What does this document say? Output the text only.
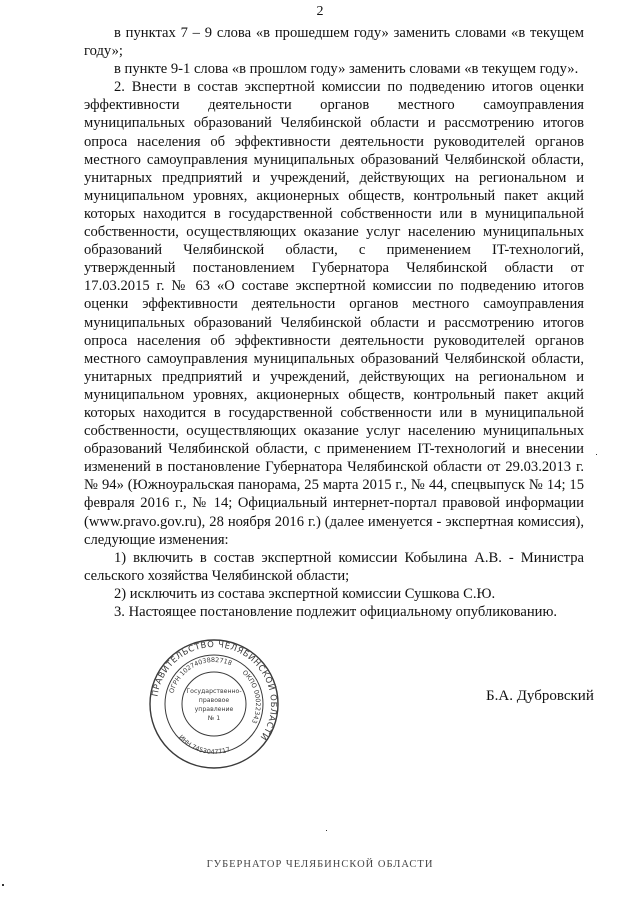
2

в пунктах 7 – 9 слова «в прошедшем году» заменить словами «в текущем году»;

в пункте 9-1 слова «в прошлом году» заменить словами «в текущем году».

2. Внести в состав экспертной комиссии по подведению итогов оценки эффективности деятельности органов местного самоуправления муниципальных образований Челябинской области и рассмотрению итогов опроса населения об эффективности деятельности руководителей органов местного самоуправления муниципальных образований Челябинской области, унитарных предприятий и учреждений, действующих на региональном и муниципальном уровнях, акционерных обществ, контрольный пакет акций которых находится в государственной собственности или в муниципальной собственности, осуществляющих оказание услуг населению муниципальных образований Челябинской области, с применением IT-технологий, утвержденный постановлением Губернатора Челябинской области от 17.03.2015 г. № 63 «О составе экспертной комиссии по подведению итогов оценки эффективности деятельности органов местного самоуправления муниципальных образований Челябинской области и рассмотрению итогов опроса населения об эффективности деятельности руководителей органов местного самоуправления муниципальных образований Челябинской области, унитарных предприятий и учреждений, действующих на региональном и муниципальном уровнях, акционерных обществ, контрольный пакет акций которых находится в государственной собственности или в муниципальной собственности, осуществляющих оказание услуг населению муниципальных образований Челябинской области, с применением IT-технологий и внесении изменений в постановление Губернатора Челябинской области от 29.03.2013 г. № 94» (Южноуральская панорама, 25 марта 2015 г., № 44, спецвыпуск № 14; 15 февраля 2016 г., № 14; Официальный интернет-портал правовой информации (www.pravo.gov.ru), 28 ноября 2016 г.) (далее именуется - экспертная комиссия), следующие изменения:

1) включить в состав экспертной комиссии Кобылина А.В. - Министра сельского хозяйства Челябинской области;

2) исключить из состава экспертной комиссии Сушкова С.Ю.

3. Настоящее постановление подлежит официальному опубликованию.

ПРАВИТЕЛЬСТВО ЧЕЛЯБИНСКОЙ ОБЛАСТИ
ОГРН 1027403882718
ОКПО 00022343
ИНН 7453047717
Государственно-
правовое
управление
№ 1
Б.А. Дубровский
ГУБЕРНАТОР ЧЕЛЯБИНСКОЙ ОБЛАСТИ
